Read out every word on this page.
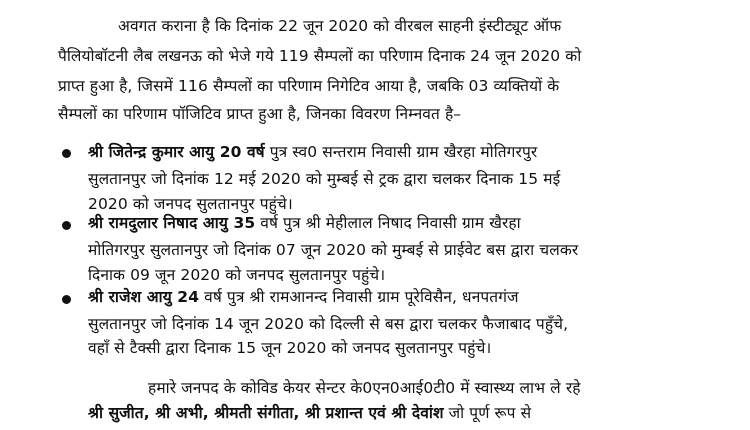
अवगत कराना है कि दिनांक 22 जून 2020 को वीरबल साहनी इंस्टीट्यूट ऑफ
पैलियोबॉटनी लैब लखनऊ को भेजे गये 119 सैम्पलों का परिणाम दिनाक 24 जून 2020 को
प्राप्त हुआ है, जिसमें 116 सैम्पलों का परिणाम निगेटिव आया है, जबकि 03 व्यक्तियों के
सैम्पलों का परिणाम पॉजिटिव प्राप्त हुआ है, जिनका विवरण निम्नवत है–
श्री जितेन्द्र कुमार आयु 20 वर्ष पुत्र स्व0 सन्तराम निवासी ग्राम खैरहा मोतिगरपुर
सुलतानपुर जो दिनांक 12 मई 2020 को मुम्बई से ट्रक द्वारा चलकर दिनाक 15 मई
2020 को जनपद सुलतानपुर पहुंचे।
श्री रामदुलार निषाद आयु 35 वर्ष पुत्र श्री मेहीलाल निषाद निवासी ग्राम खैरहा
मोतिगरपुर सुलतानपुर जो दिनांक 07 जून 2020 को मुम्बई से प्राईवेट बस द्वारा चलकर
दिनाक 09 जून 2020 को जनपद सुलतानपुर पहुंचे।
श्री राजेश आयु 24 वर्ष पुत्र श्री रामआनन्द निवासी ग्राम पूरेविसैन, धनपतगंज
सुलतानपुर जो दिनांक 14 जून 2020 को दिल्ली से बस द्वारा चलकर फैजाबाद पहुँचे,
वहाँ से टैक्सी द्वारा दिनाक 15 जून 2020 को जनपद सुलतानपुर पहुंचे।
हमारे जनपद के कोविड केयर सेन्टर के0एन0आई0टी0 में स्वास्थ्य लाभ ले रहे
श्री सुजीत, श्री अभी, श्रीमती संगीता, श्री प्रशान्त एवं श्री देवांश जो पूर्ण रूप से
